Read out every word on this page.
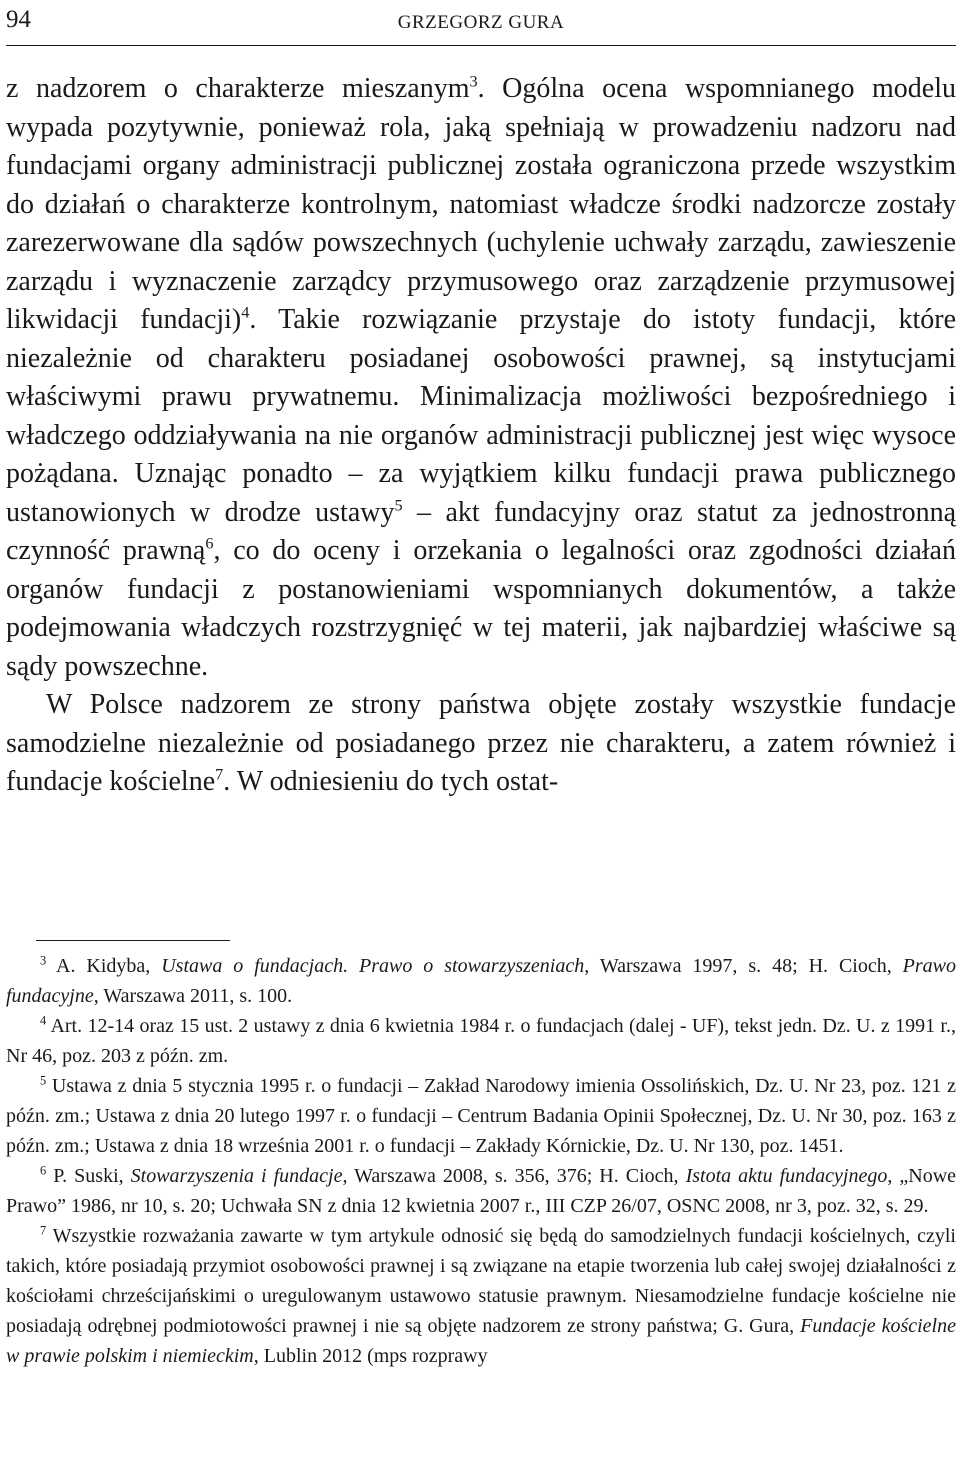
94	GRZEGORZ GURA

z nadzorem o charakterze mieszanym$^3$. Ogólna ocena wspomnianego modelu wypada pozytywnie, ponieważ rola, jaką spełniają w prowadzeniu nadzoru nad fundacjami organy administracji publicznej została ograniczona przede wszystkim do działań o charakterze kontrolnym, natomiast władcze środki nadzorcze zostały zarezerwowane dla sądów powszechnych (uchylenie uchwały zarządu, zawieszenie zarządu i wyznaczenie zarządcy przymusowego oraz zarządzenie przymusowej likwidacji fundacji)$^4$. Takie rozwiązanie przystaje do istoty fundacji, które niezależnie od charakteru posiadanej osobowości prawnej, są instytucjami właściwymi prawu prywatnemu. Minimalizacja możliwości bezpośredniego i władczego oddziaływania na nie organów administracji publicznej jest więc wysoce pożądana. Uznając ponadto – za wyjątkiem kilku fundacji prawa publicznego ustanowionych w drodze ustawy$^5$ – akt fundacyjny oraz statut za jednostronną czynność prawną$^6$, co do oceny i orzekania o legalności oraz zgodności działań organów fundacji z postanowieniami wspomnianych dokumentów, a także podejmowania władczych rozstrzygnięć w tej materii, jak najbardziej właściwe są sądy powszechne.

W Polsce nadzorem ze strony państwa objęte zostały wszystkie fundacje samodzielne niezależnie od posiadanego przez nie charakteru, a zatem również i fundacje kościelne$^7$. W odniesieniu do tych ostat-

$^3$ A. Kidyba, Ustawa o fundacjach. Prawo o stowarzyszeniach, Warszawa 1997, s. 48; H. Cioch, Prawo fundacyjne, Warszawa 2011, s. 100.

$^4$ Art. 12-14 oraz 15 ust. 2 ustawy z dnia 6 kwietnia 1984 r. o fundacjach (dalej - UF), tekst jedn. Dz. U. z 1991 r., Nr 46, poz. 203 z późn. zm.

$^5$ Ustawa z dnia 5 stycznia 1995 r. o fundacji – Zakład Narodowy imienia Ossolińskich, Dz. U. Nr 23, poz. 121 z późn. zm.; Ustawa z dnia 20 lutego 1997 r. o fundacji – Centrum Badania Opinii Społecznej, Dz. U. Nr 30, poz. 163 z późn. zm.; Ustawa z dnia 18 września 2001 r. o fundacji – Zakłady Kórnickie, Dz. U. Nr 130, poz. 1451.

$^6$ P. Suski, Stowarzyszenia i fundacje, Warszawa 2008, s. 356, 376; H. Cioch, Istota aktu fundacyjnego, „Nowe Prawo” 1986, nr 10, s. 20; Uchwała SN z dnia 12 kwietnia 2007 r., III CZP 26/07, OSNC 2008, nr 3, poz. 32, s. 29.

$^7$ Wszystkie rozważania zawarte w tym artykule odnosić się będą do samodzielnych fundacji kościelnych, czyli takich, które posiadają przymiot osobowości prawnej i są związane na etapie tworzenia lub całej swojej działalności z kościołami chrześcijańskimi o uregulowanym ustawowo statusie prawnym. Niesamodzielne fundacje kościelne nie posiadają odrębnej podmiotowości prawnej i nie są objęte nadzorem ze strony państwa; G. Gura, Fundacje kościelne w prawie polskim i niemieckim, Lublin 2012 (mps rozprawy
